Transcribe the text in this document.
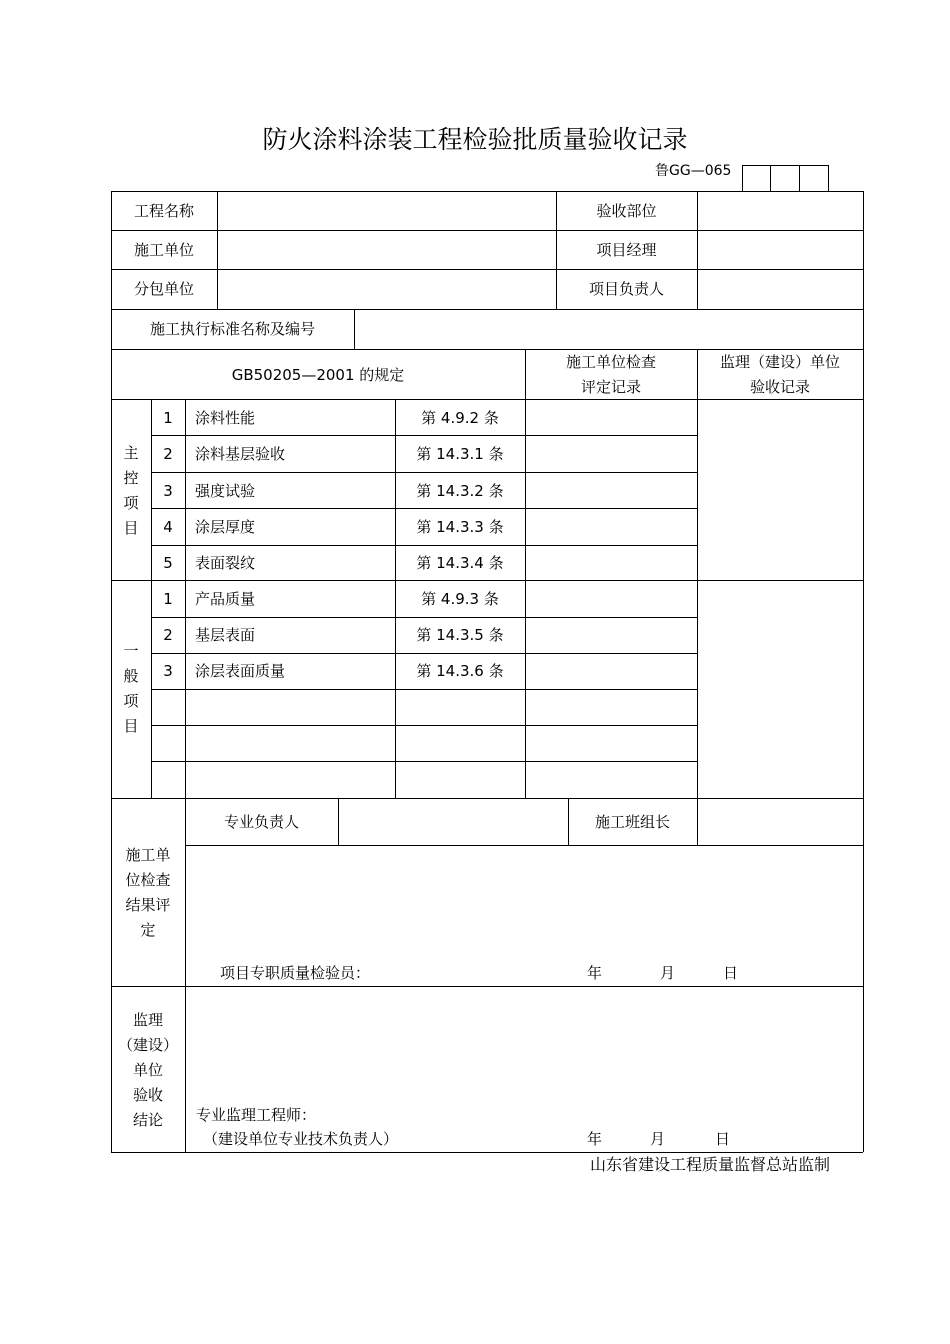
防火涂料涂装工程检验批质量验收记录
鲁GG—065
工程名称	验收部位
施工单位	项目经理
分包单位	项目负责人
施工执行标准名称及编号
GB50205—2001 的规定
施工单位检查
评定记录
监理（建设）单位
验收记录
主
控
项
目
1	涂料性能	第 4.9.2 条
2	涂料基层验收	第 14.3.1 条
3	强度试验	第 14.3.2 条
4	涂层厚度	第 14.3.3 条
5	表面裂纹	第 14.3.4 条
一
般
项
目
1	产品质量	第 4.9.3 条
2	基层表面	第 14.3.5 条
3	涂层表面质量	第 14.3.6 条
专业负责人	施工班组长
施工单
位检查
结果评
定
项目专职质量检验员：	年	月	日
监理
（建设）
单位
验收
结论	专业监理工程师：
（建设单位专业技术负责人）	年	月	日
山东省建设工程质量监督总站监制
